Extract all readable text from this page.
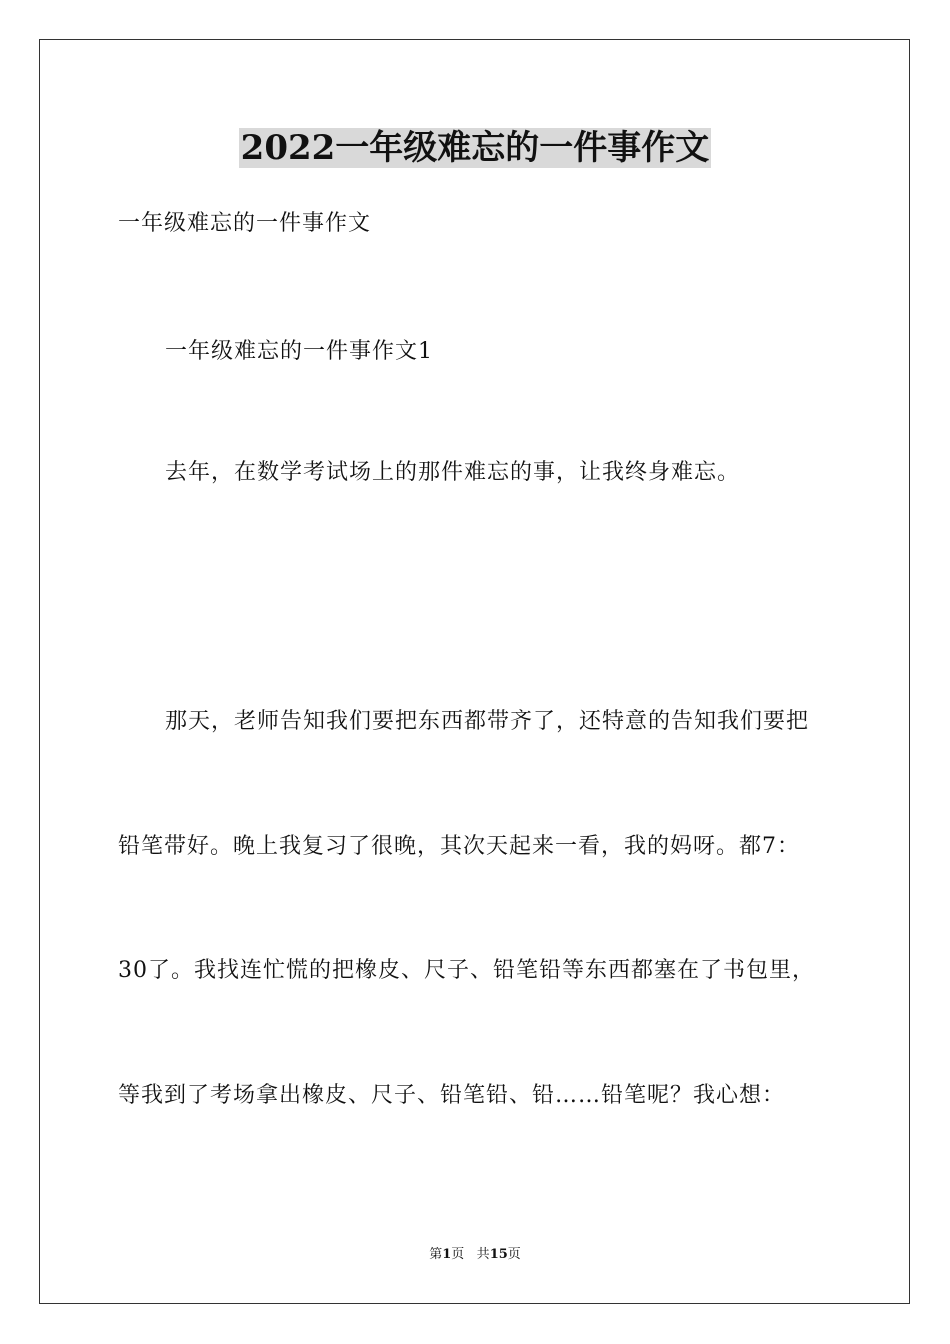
2022一年级难忘的一件事作文
一年级难忘的一件事作文
一年级难忘的一件事作文1
去年，在数学考试场上的那件难忘的事，让我终身难忘。
那天，老师告知我们要把东西都带齐了，还特意的告知我们要把
铅笔带好。晚上我复习了很晚，其次天起来一看，我的妈呀。都7：
30了。我找连忙慌的把橡皮、尺子、铅笔铅等东西都塞在了书包里，
等我到了考场拿出橡皮、尺子、铅笔铅、铅……铅笔呢？我心想：
第1页 共15页
